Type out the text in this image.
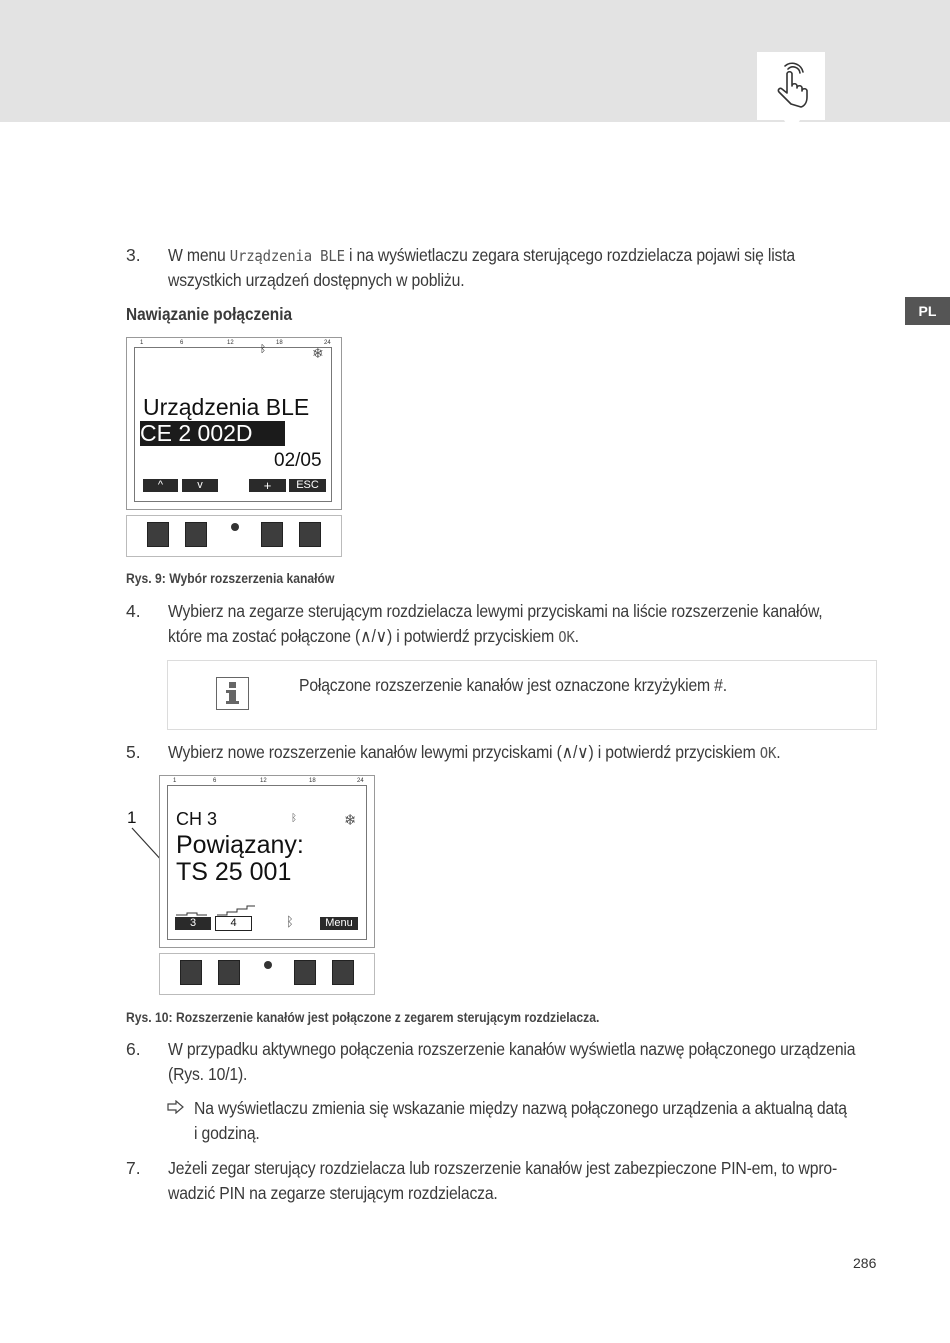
PL
3. W menu Urządzenia BLE i na wyświetlaczu zegara sterującego rozdzielacza pojawi się lista
wszystkich urządzeń dostępnych w pobliżu.
Nawiązanie połączenia
1	6	12	18	24
ᛒ	❄
Urządzenia BLE
CE 2 002D
02/05
^	v	+	ESC
Rys. 9: Wybór rozszerzenia kanałów
4. Wybierz na zegarze sterującym rozdzielacza lewymi przyciskami na liście rozszerzenie kanałów,
które ma zostać połączone (∧/∨) i potwierdź przyciskiem OK.
Połączone rozszerzenie kanałów jest oznaczone krzyżykiem #.
5. Wybierz nowe rozszerzenie kanałów lewymi przyciskami (∧/∨) i potwierdź przyciskiem OK.
1
1	6	12	18	24
CH 3	ᛒ	❄
Powiązany:
TS 25 001
3	4	ᛒ	Menu
Rys. 10: Rozszerzenie kanałów jest połączone z zegarem sterującym rozdzielacza.
6. W przypadku aktywnego połączenia rozszerzenie kanałów wyświetla nazwę połączonego urządzenia
(Rys. 10/1).
Na wyświetlaczu zmienia się wskazanie między nazwą połączonego urządzenia a aktualną datą
i godziną.
7. Jeżeli zegar sterujący rozdzielacza lub rozszerzenie kanałów jest zabezpieczone PIN-em, to wpro-
wadzić PIN na zegarze sterującym rozdzielacza.
286
